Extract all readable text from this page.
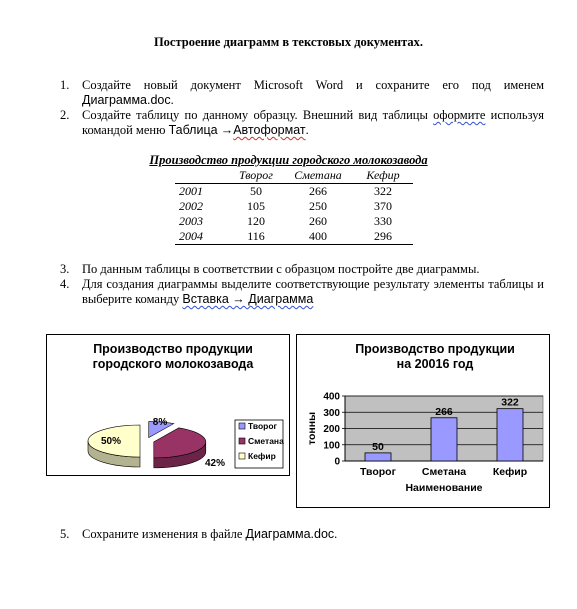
Построение диаграмм в текстовых документах.
1. Создайте новый документ Microsoft Word и сохраните его под именем Диаграмма.doc.
2. Создайте таблицу по данному образцу. Внешний вид таблицы оформите используя командой меню Таблица →Автоформат.
Производство продукции городского молокозавода
	Творог	Сметана	Кефир
2001	50	266	322
2002	105	250	370
2003	120	260	330
2004	116	400	296
3. По данным таблицы в соответствии с образцом постройте две диаграммы.
4. Для создания диаграммы выделите соответствующие результату элементы таблицы и выберите команду Вставка → Диаграмма
Производство продукции
городского молокозавода
8%
42%
50%
Творог
Сметана
Кефир
Производство продукции
на 20016 год
0
100
200
300
400
50
Творог
266
Сметана
322
Кефир
Наименование
тонны
5. Сохраните изменения в файле Диаграмма.doc.
